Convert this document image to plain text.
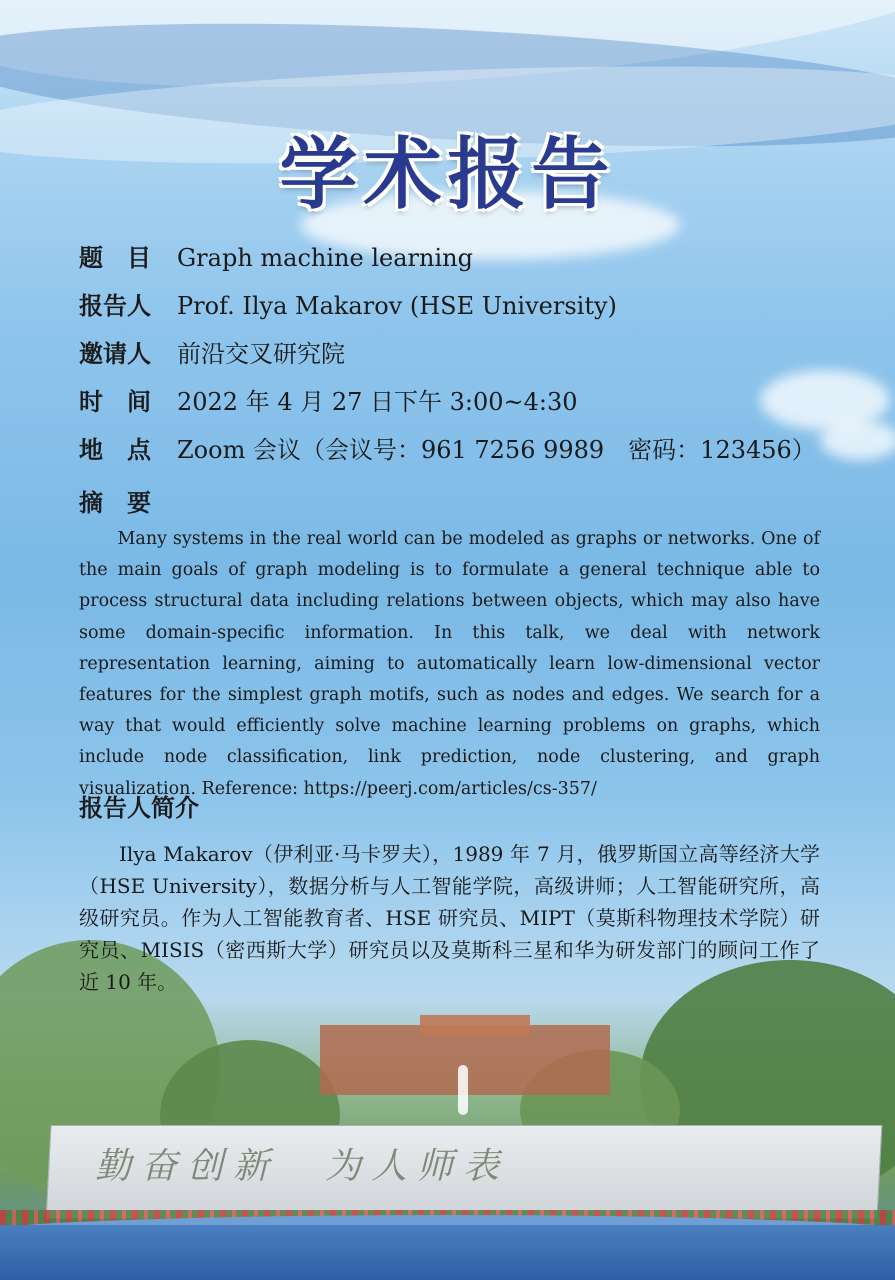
学术报告
题　目 Graph machine learning
报告人 Prof. Ilya Makarov (HSE University)
邀请人 前沿交叉研究院
时　间 2022 年 4 月 27 日下午 3:00~4:30
地　点 Zoom 会议（会议号：961 7256 9989　密码：123456）
摘　要

Many systems in the real world can be modeled as graphs or networks. One of the main goals of graph modeling is to formulate a general technique able to process structural data including relations between objects, which may also have some domain-specific information. In this talk, we deal with network representation learning, aiming to automatically learn low-dimensional vector features for the simplest graph motifs, such as nodes and edges. We search for a way that would efficiently solve machine learning problems on graphs, which include node classification, link prediction, node clustering, and graph visualization. Reference: https://peerj.com/articles/cs-357/

报告人简介

Ilya Makarov（伊利亚·马卡罗夫），1989 年 7 月，俄罗斯国立高等经济大学（HSE University），数据分析与人工智能学院，高级讲师；人工智能研究所，高级研究员。作为人工智能教育者、HSE 研究员、MIPT（莫斯科物理技术学院）研究员、MISIS（密西斯大学）研究员以及莫斯科三星和华为研发部门的顾问工作了近 10 年。

勤奋创新　为人师表
